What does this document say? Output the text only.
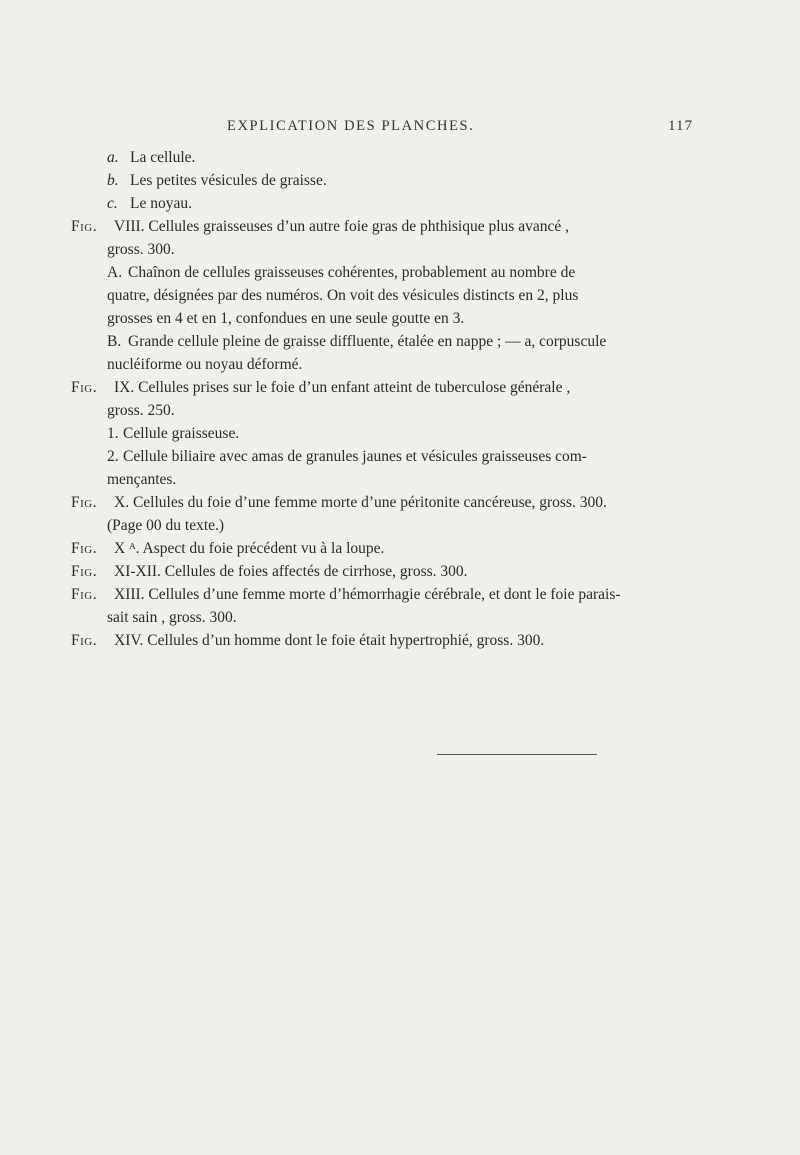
EXPLICATION DES PLANCHES.	117
a. La cellule.
b. Les petites vésicules de graisse.
c. Le noyau.
Fig. VIII. Cellules graisseuses d’un autre foie gras de phthisique plus avancé ,
gross. 300.
A. Chaînon de cellules graisseuses cohérentes, probablement au nombre de
quatre, désignées par des numéros. On voit des vésicules distincts en 2, plus
grosses en 4 et en 1, confondues en une seule goutte en 3.
B. Grande cellule pleine de graisse diffluente, étalée en nappe ; — a, corpuscule
nucléiforme ou noyau déformé.
Fig. IX. Cellules prises sur le foie d’un enfant atteint de tuberculose générale ,
gross. 250.
1. Cellule graisseuse.
2. Cellule biliaire avec amas de granules jaunes et vésicules graisseuses com-
mençantes.
Fig. X. Cellules du foie d’une femme morte d’une péritonite cancéreuse, gross. 300.
(Page 00 du texte.)
Fig. X ᴬ. Aspect du foie précédent vu à la loupe.
Fig. XI-XII. Cellules de foies affectés de cirrhose, gross. 300.
Fig. XIII. Cellules d’une femme morte d’hémorrhagie cérébrale, et dont le foie parais-
sait sain , gross. 300.
Fig. XIV. Cellules d’un homme dont le foie était hypertrophié, gross. 300.
